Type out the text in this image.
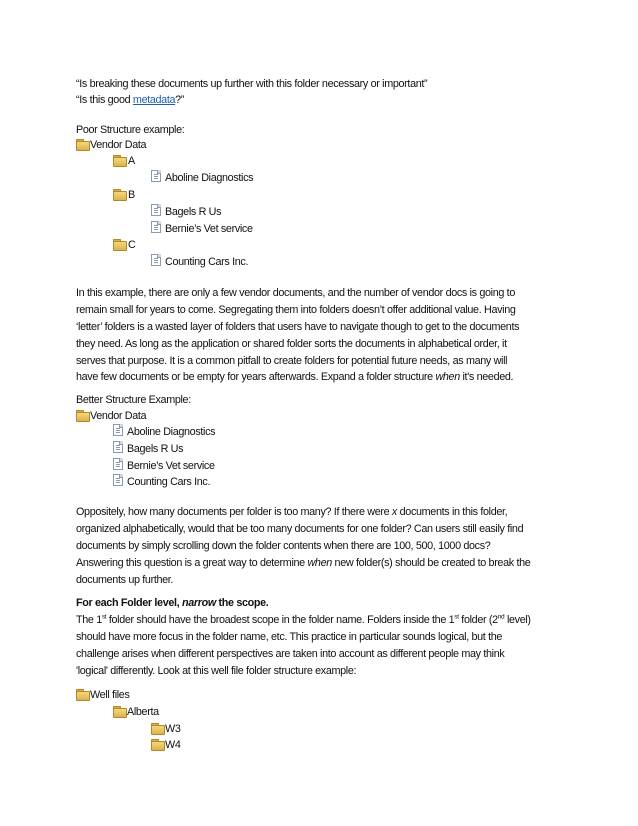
“Is breaking these documents up further with this folder necessary or important”
“Is this good metadata?”
Poor Structure example:
Vendor Data
A
Aboline Diagnostics
B
Bagels R Us
Bernie’s Vet service
C
Counting Cars Inc.
In this example, there are only a few vendor documents, and the number of vendor docs is going to
remain small for years to come. Segregating them into folders doesn’t offer additional value. Having
‘letter’ folders is a wasted layer of folders that users have to navigate though to get to the documents
they need. As long as the application or shared folder sorts the documents in alphabetical order, it
serves that purpose. It is a common pitfall to create folders for potential future needs, as many will
have few documents or be empty for years afterwards. Expand a folder structure when it's needed.
Better Structure Example:
Vendor Data
Aboline Diagnostics
Bagels R Us
Bernie’s Vet service
Counting Cars Inc.
Oppositely, how many documents per folder is too many? If there were x documents in this folder,
organized alphabetically, would that be too many documents for one folder? Can users still easily find
documents by simply scrolling down the folder contents when there are 100, 500, 1000 docs?
Answering this question is a great way to determine when new folder(s) should be created to break the
documents up further.
For each Folder level, narrow the scope.
The 1st folder should have the broadest scope in the folder name. Folders inside the 1st folder (2nd level)
should have more focus in the folder name, etc. This practice in particular sounds logical, but the
challenge arises when different perspectives are taken into account as different people may think
'logical' differently. Look at this well file folder structure example:
Well files
Alberta
W3
W4
